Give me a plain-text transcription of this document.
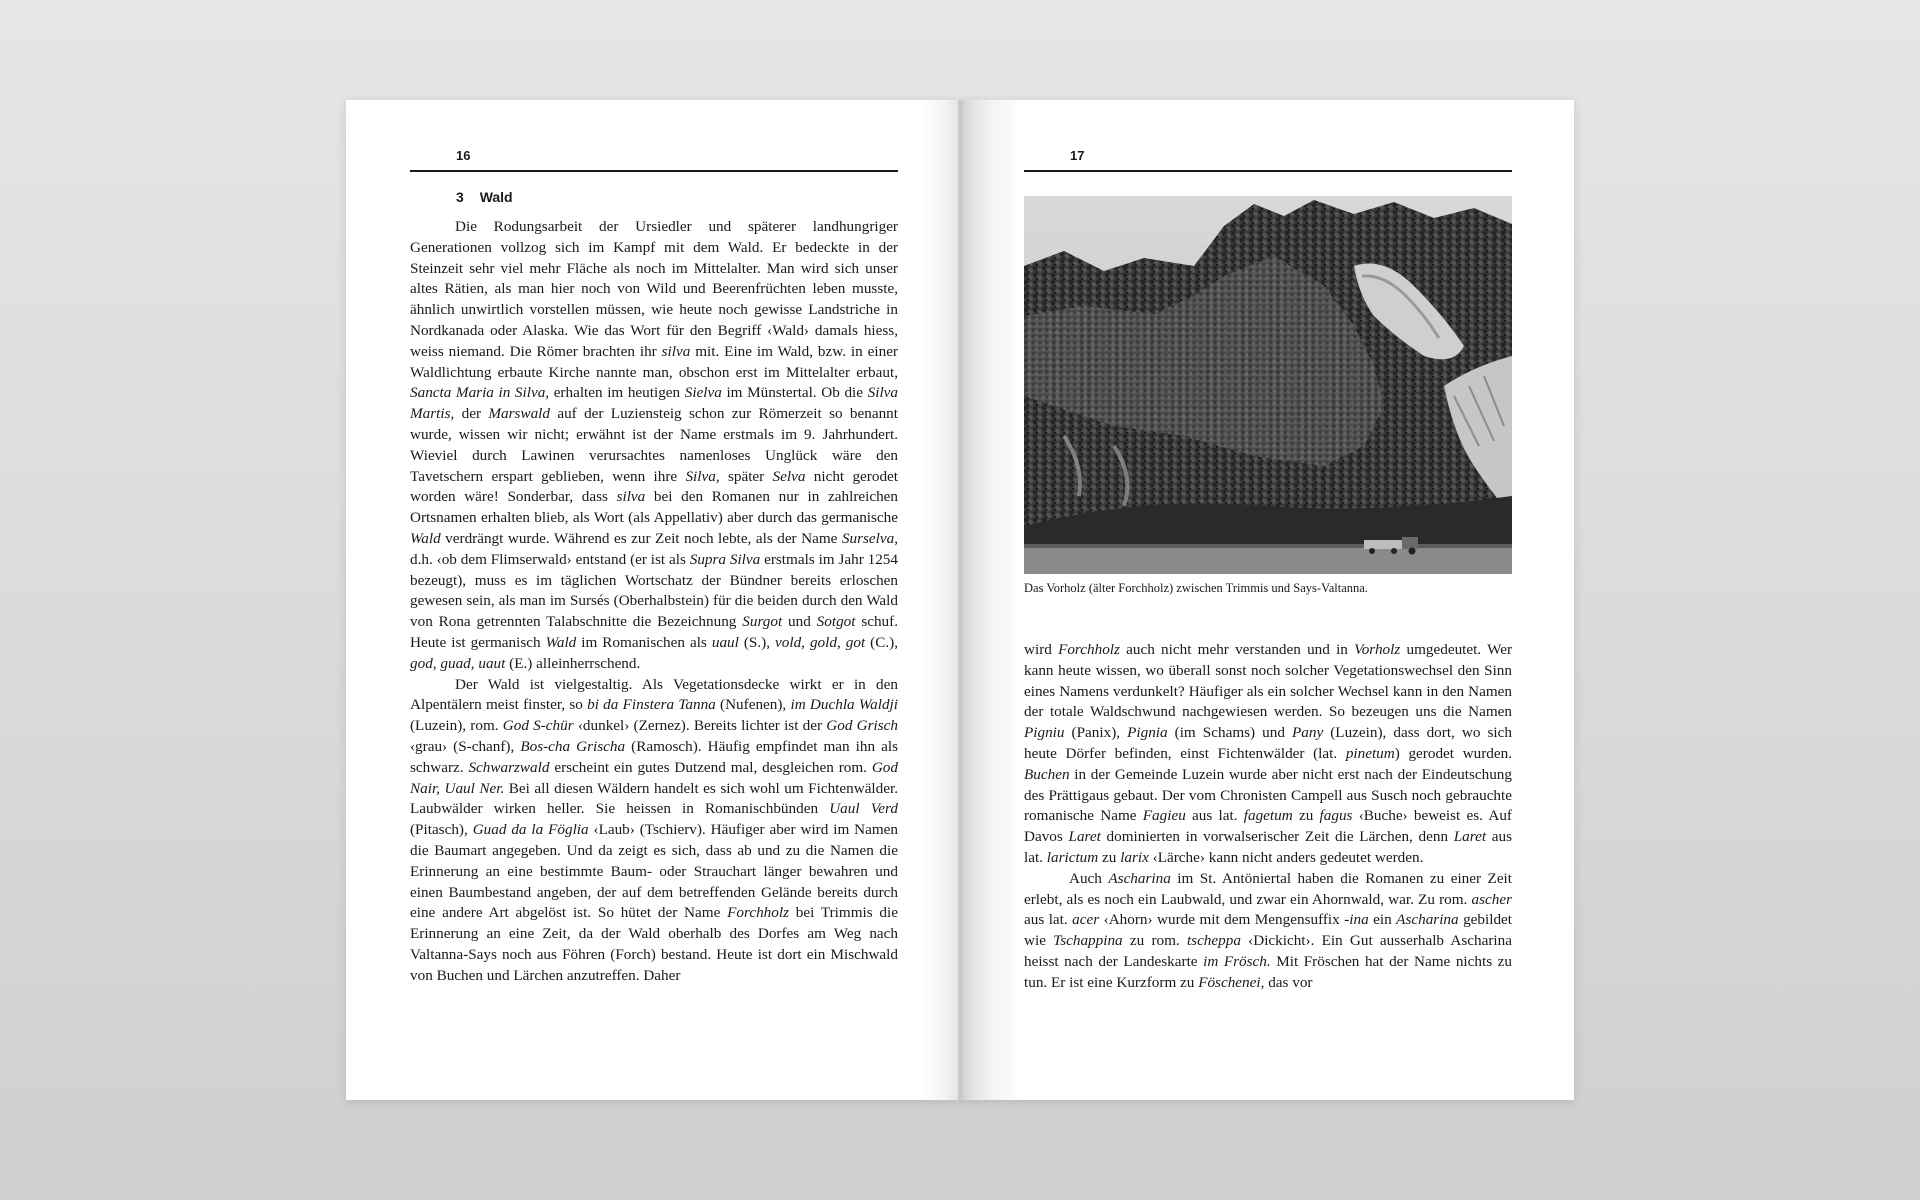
16
3 Wald

Die Rodungsarbeit der Ursiedler und späterer landhungriger Generationen vollzog sich im Kampf mit dem Wald. Er bedeckte in der Steinzeit sehr viel mehr Fläche als noch im Mittelalter. Man wird sich unser altes Rätien, als man hier noch von Wild und Beerenfrüchten leben musste, ähnlich unwirtlich vorstellen müssen, wie heute noch gewisse Landstriche in Nordkanada oder Alaska. Wie das Wort für den Begriff ‹Wald› damals hiess, weiss niemand. Die Römer brachten ihr silva mit. Eine im Wald, bzw. in einer Waldlichtung erbaute Kirche nannte man, obschon erst im Mittelalter erbaut, Sancta Maria in Silva, erhalten im heutigen Sielva im Münstertal. Ob die Silva Martis, der Marswald auf der Luziensteig schon zur Römerzeit so benannt wurde, wissen wir nicht; erwähnt ist der Name erstmals im 9. Jahrhundert. Wieviel durch Lawinen verursachtes namenloses Unglück wäre den Tavetschern erspart geblieben, wenn ihre Silva, später Selva nicht gerodet worden wäre! Sonderbar, dass silva bei den Romanen nur in zahlreichen Ortsnamen erhalten blieb, als Wort (als Appellativ) aber durch das germanische Wald verdrängt wurde. Während es zur Zeit noch lebte, als der Name Surselva, d.h. ‹ob dem Flimserwald› entstand (er ist als Supra Silva erstmals im Jahr 1254 bezeugt), muss es im täglichen Wortschatz der Bündner bereits erloschen gewesen sein, als man im Sursés (Oberhalbstein) für die beiden durch den Wald von Rona getrennten Talabschnitte die Bezeichnung Surgot und Sotgot schuf. Heute ist germanisch Wald im Romanischen als uaul (S.), vold, gold, got (C.), god, guad, uaut (E.) alleinherrschend.

Der Wald ist vielgestaltig. Als Vegetationsdecke wirkt er in den Alpentälern meist finster, so bi da Finstera Tanna (Nufenen), im Duchla Waldji (Luzein), rom. God S-chür ‹dunkel› (Zernez). Bereits lichter ist der God Grisch ‹grau› (S-chanf), Bos-cha Grischa (Ramosch). Häufig empfindet man ihn als schwarz. Schwarzwald erscheint ein gutes Dutzend mal, desgleichen rom. God Nair, Uaul Ner. Bei all diesen Wäldern handelt es sich wohl um Fichtenwälder. Laubwälder wirken heller. Sie heissen in Romanischbünden Uaul Verd (Pitasch), Guad da la Föglia ‹Laub› (Tschierv). Häufiger aber wird im Namen die Baumart angegeben. Und da zeigt es sich, dass ab und zu die Namen die Erinnerung an eine bestimmte Baum- oder Strauchart länger bewahren und einen Baumbestand angeben, der auf dem betreffenden Gelände bereits durch eine andere Art abgelöst ist. So hütet der Name Forchholz bei Trimmis die Erinnerung an eine Zeit, da der Wald oberhalb des Dorfes am Weg nach Valtanna-Says noch aus Föhren (Forch) bestand. Heute ist dort ein Mischwald von Buchen und Lärchen anzutreffen. Daher

17
Das Vorholz (älter Forchholz) zwischen Trimmis und Says-Valtanna.

wird Forchholz auch nicht mehr verstanden und in Vorholz umgedeutet. Wer kann heute wissen, wo überall sonst noch solcher Vegetationswechsel den Sinn eines Namens verdunkelt? Häufiger als ein solcher Wechsel kann in den Namen der totale Waldschwund nachgewiesen werden. So bezeugen uns die Namen Pigniu (Panix), Pignia (im Schams) und Pany (Luzein), dass dort, wo sich heute Dörfer befinden, einst Fichtenwälder (lat. pinetum) gerodet wurden. Buchen in der Gemeinde Luzein wurde aber nicht erst nach der Eindeutschung des Prättigaus gebaut. Der vom Chronisten Campell aus Susch noch gebrauchte romanische Name Fagieu aus lat. fagetum zu fagus ‹Buche› beweist es. Auf Davos Laret dominierten in vorwalserischer Zeit die Lärchen, denn Laret aus lat. larictum zu larix ‹Lärche› kann nicht anders gedeutet werden.

Auch Ascharina im St. Antöniertal haben die Romanen zu einer Zeit erlebt, als es noch ein Laubwald, und zwar ein Ahornwald, war. Zu rom. ascher aus lat. acer ‹Ahorn› wurde mit dem Mengensuffix -ina ein Ascharina gebildet wie Tschappina zu rom. tscheppa ‹Dickicht›. Ein Gut ausserhalb Ascharina heisst nach der Landeskarte im Frösch. Mit Fröschen hat der Name nichts zu tun. Er ist eine Kurzform zu Föschenei, das vor
